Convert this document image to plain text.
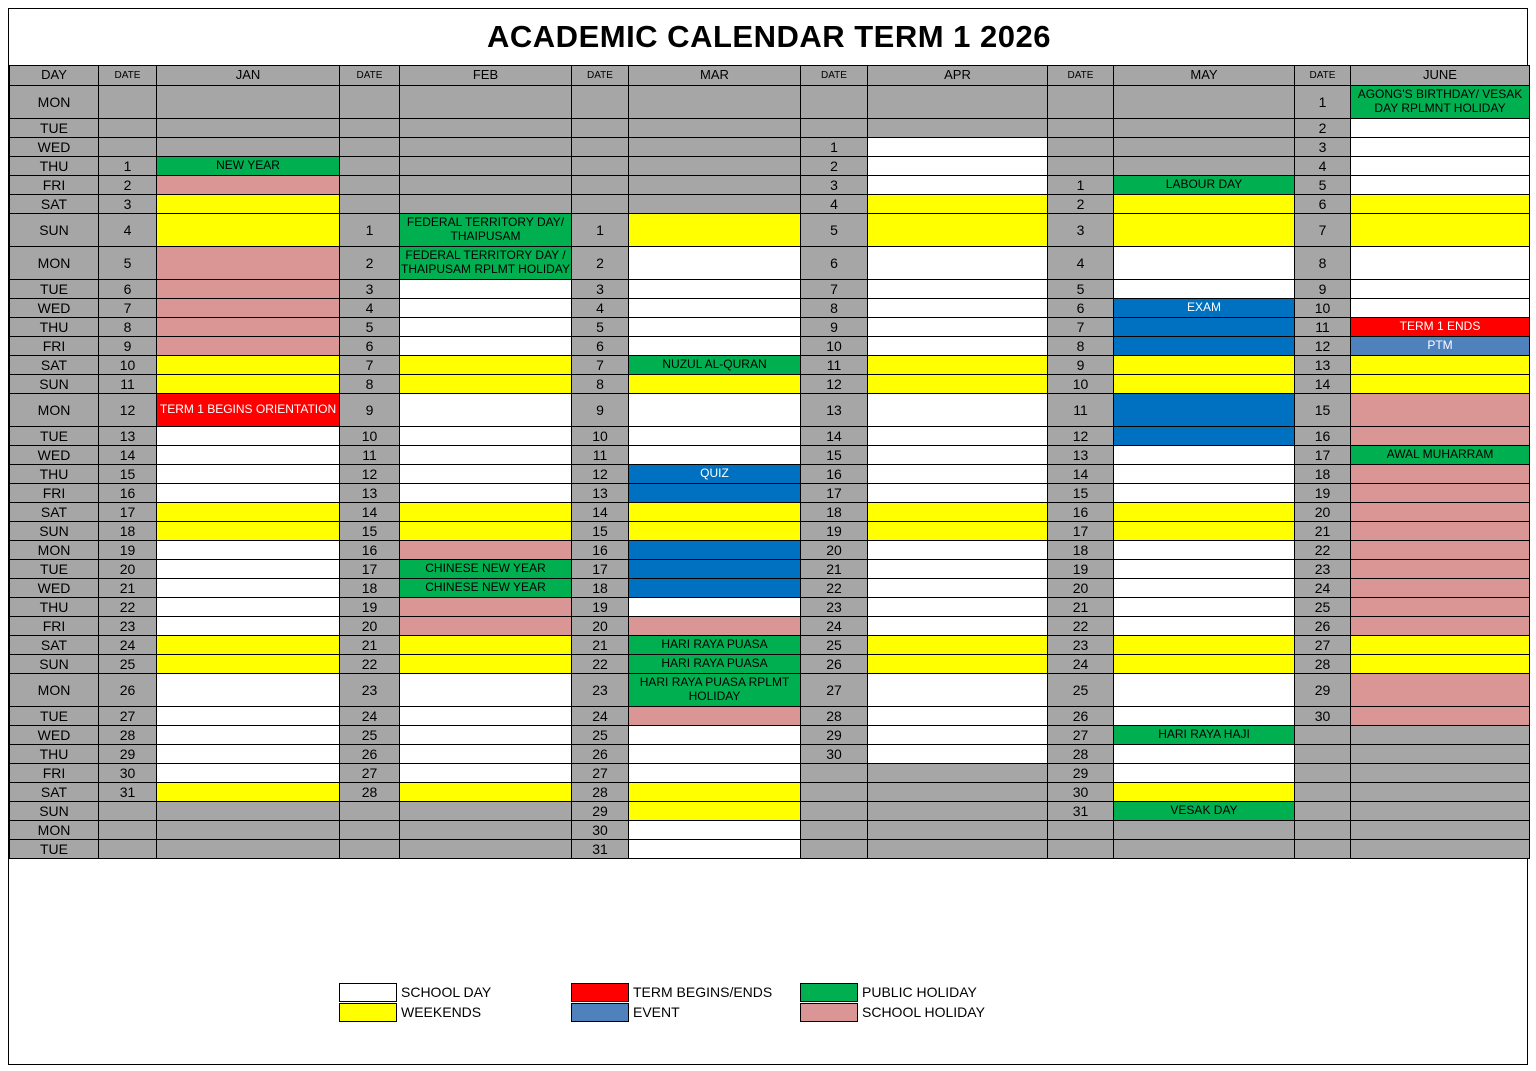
ACADEMIC CALENDAR TERM 1 2026
DAY	DATE	JAN	DATE	FEB	DATE	MAR	DATE	APR	DATE	MAY	DATE	JUNE
MON											1	AGONG'S BIRTHDAY/ VESAK DAY RPLMNT HOLIDAY
TUE											2	
WED							1				3	
THU	1	NEW YEAR					2				4	
FRI	2						3		1	LABOUR DAY	5	
SAT	3						4		2		6	
SUN	4		1	FEDERAL TERRITORY DAY/ THAIPUSAM	1		5		3		7	
MON	5		2	FEDERAL TERRITORY DAY / THAIPUSAM RPLMT HOLIDAY	2		6		4		8	
TUE	6		3		3		7		5		9	
WED	7		4		4		8		6	EXAM	10	
THU	8		5		5		9		7		11	TERM 1 ENDS
FRI	9		6		6		10		8		12	PTM
SAT	10		7		7	NUZUL AL-QURAN	11		9		13	
SUN	11		8		8		12		10		14	
MON	12	TERM 1 BEGINS ORIENTATION	9		9		13		11		15	
TUE	13		10		10		14		12		16	
WED	14		11		11		15		13		17	AWAL MUHARRAM
THU	15		12		12	QUIZ	16		14		18	
FRI	16		13		13		17		15		19	
SAT	17		14		14		18		16		20	
SUN	18		15		15		19		17		21	
MON	19		16		16		20		18		22	
TUE	20		17	CHINESE NEW YEAR	17		21		19		23	
WED	21		18	CHINESE NEW YEAR	18		22		20		24	
THU	22		19		19		23		21		25	
FRI	23		20		20		24		22		26	
SAT	24		21		21	HARI RAYA PUASA	25		23		27	
SUN	25		22		22	HARI RAYA PUASA	26		24		28	
MON	26		23		23	HARI RAYA PUASA RPLMT HOLIDAY	27		25		29	
TUE	27		24		24		28		26		30	
WED	28		25		25		29		27	HARI RAYA HAJI		
THU	29		26		26		30		28			
FRI	30		27		27				29			
SAT	31		28		28				30			
SUN					29				31	VESAK DAY		
MON					30							
TUE					31							
SCHOOL DAY
WEEKENDS
TERM BEGINS/ENDS
EVENT
PUBLIC HOLIDAY
SCHOOL HOLIDAY
